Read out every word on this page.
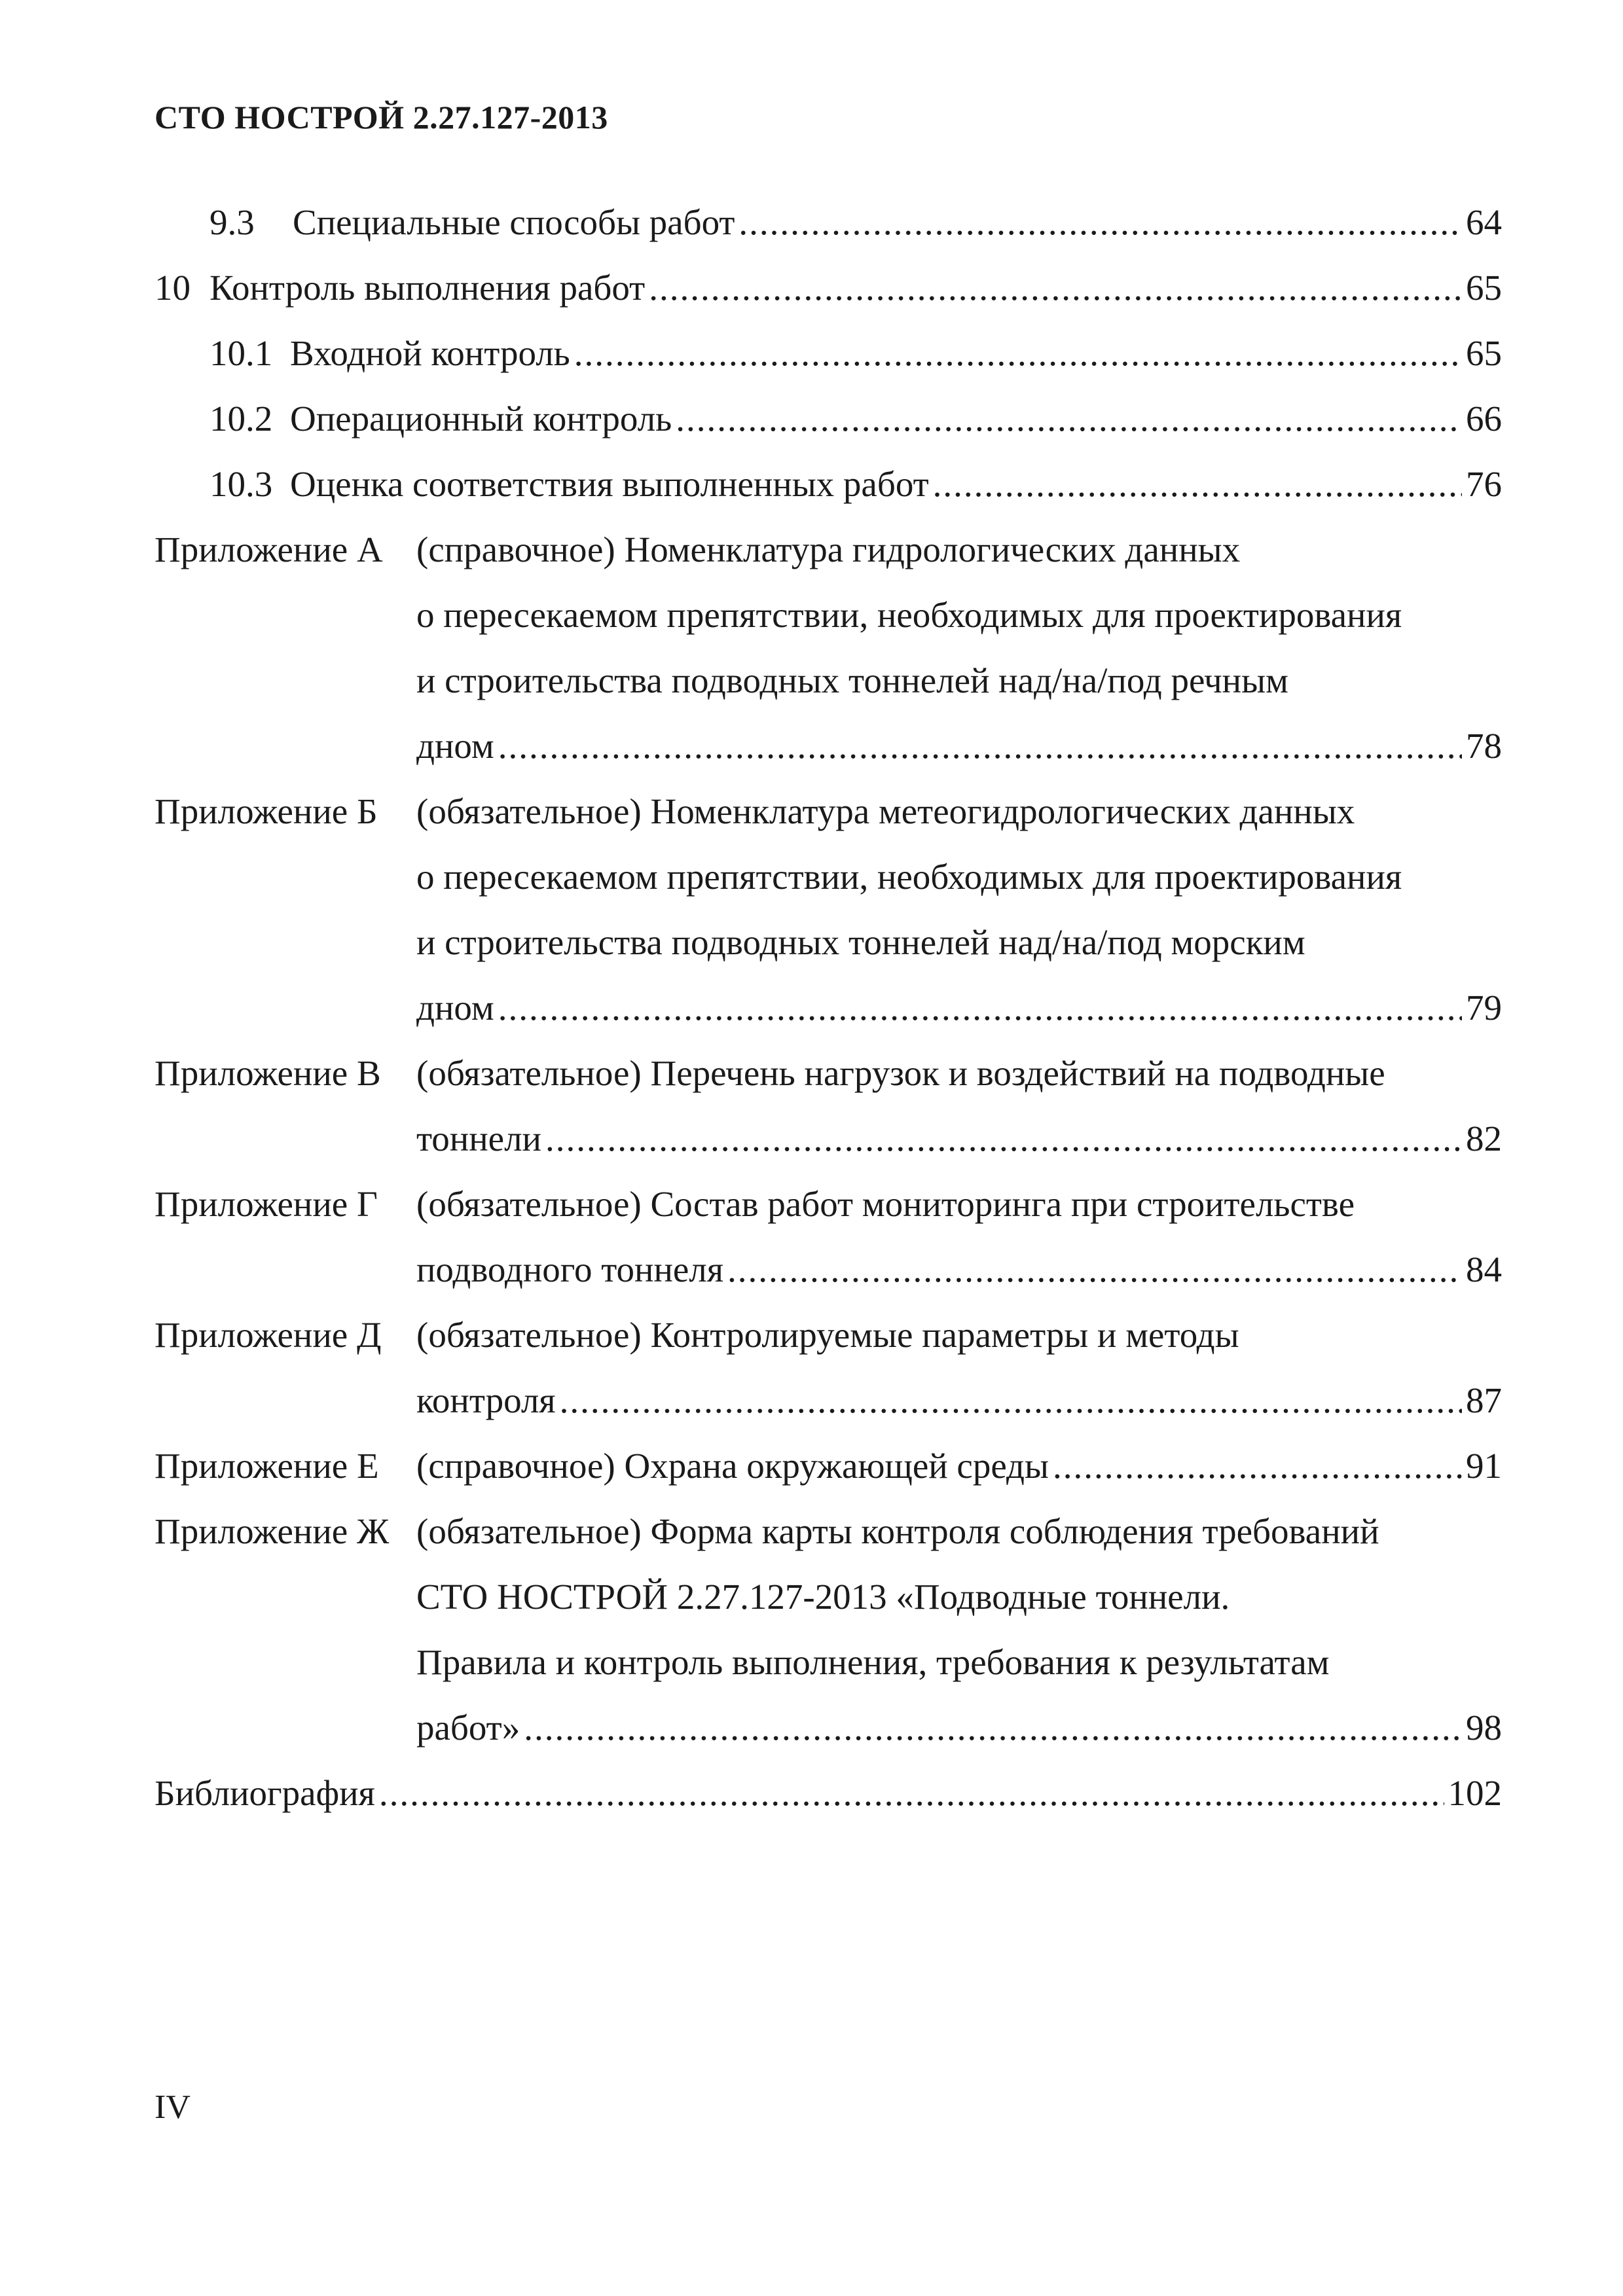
СТО НОСТРОЙ 2.27.127-2013
9.3	Специальные способы работ .....	64
10 Контроль выполнения работ .....	65
10.1 Входной контроль .....	65
10.2 Операционный контроль .....	66
10.3 Оценка соответствия выполненных работ .....	76
Приложение А (справочное) Номенклатура гидрологических данных
о пересекаемом препятствии, необходимых для проектирования
и строительства подводных тоннелей над/на/под речным
дном .....	78
Приложение Б	(обязательное) Номенклатура метеогидрологических данных
о пересекаемом препятствии, необходимых для проектирования
и строительства подводных тоннелей над/на/под морским
дном .....	79
Приложение В (обязательное) Перечень нагрузок и воздействий на подводные
тоннели .....	82
Приложение Г	(обязательное) Состав работ мониторинга при строительстве
подводного тоннеля .....	84
Приложение Д (обязательное) Контролируемые параметры и методы
контроля .....	87
Приложение Е	(справочное) Охрана окружающей среды .....	91
Приложение Ж (обязательное) Форма карты контроля соблюдения требований
СТО НОСТРОЙ 2.27.127-2013 «Подводные тоннели.
Правила и контроль выполнения, требования к результатам
работ» .....	98
Библиография .....	102
IV
